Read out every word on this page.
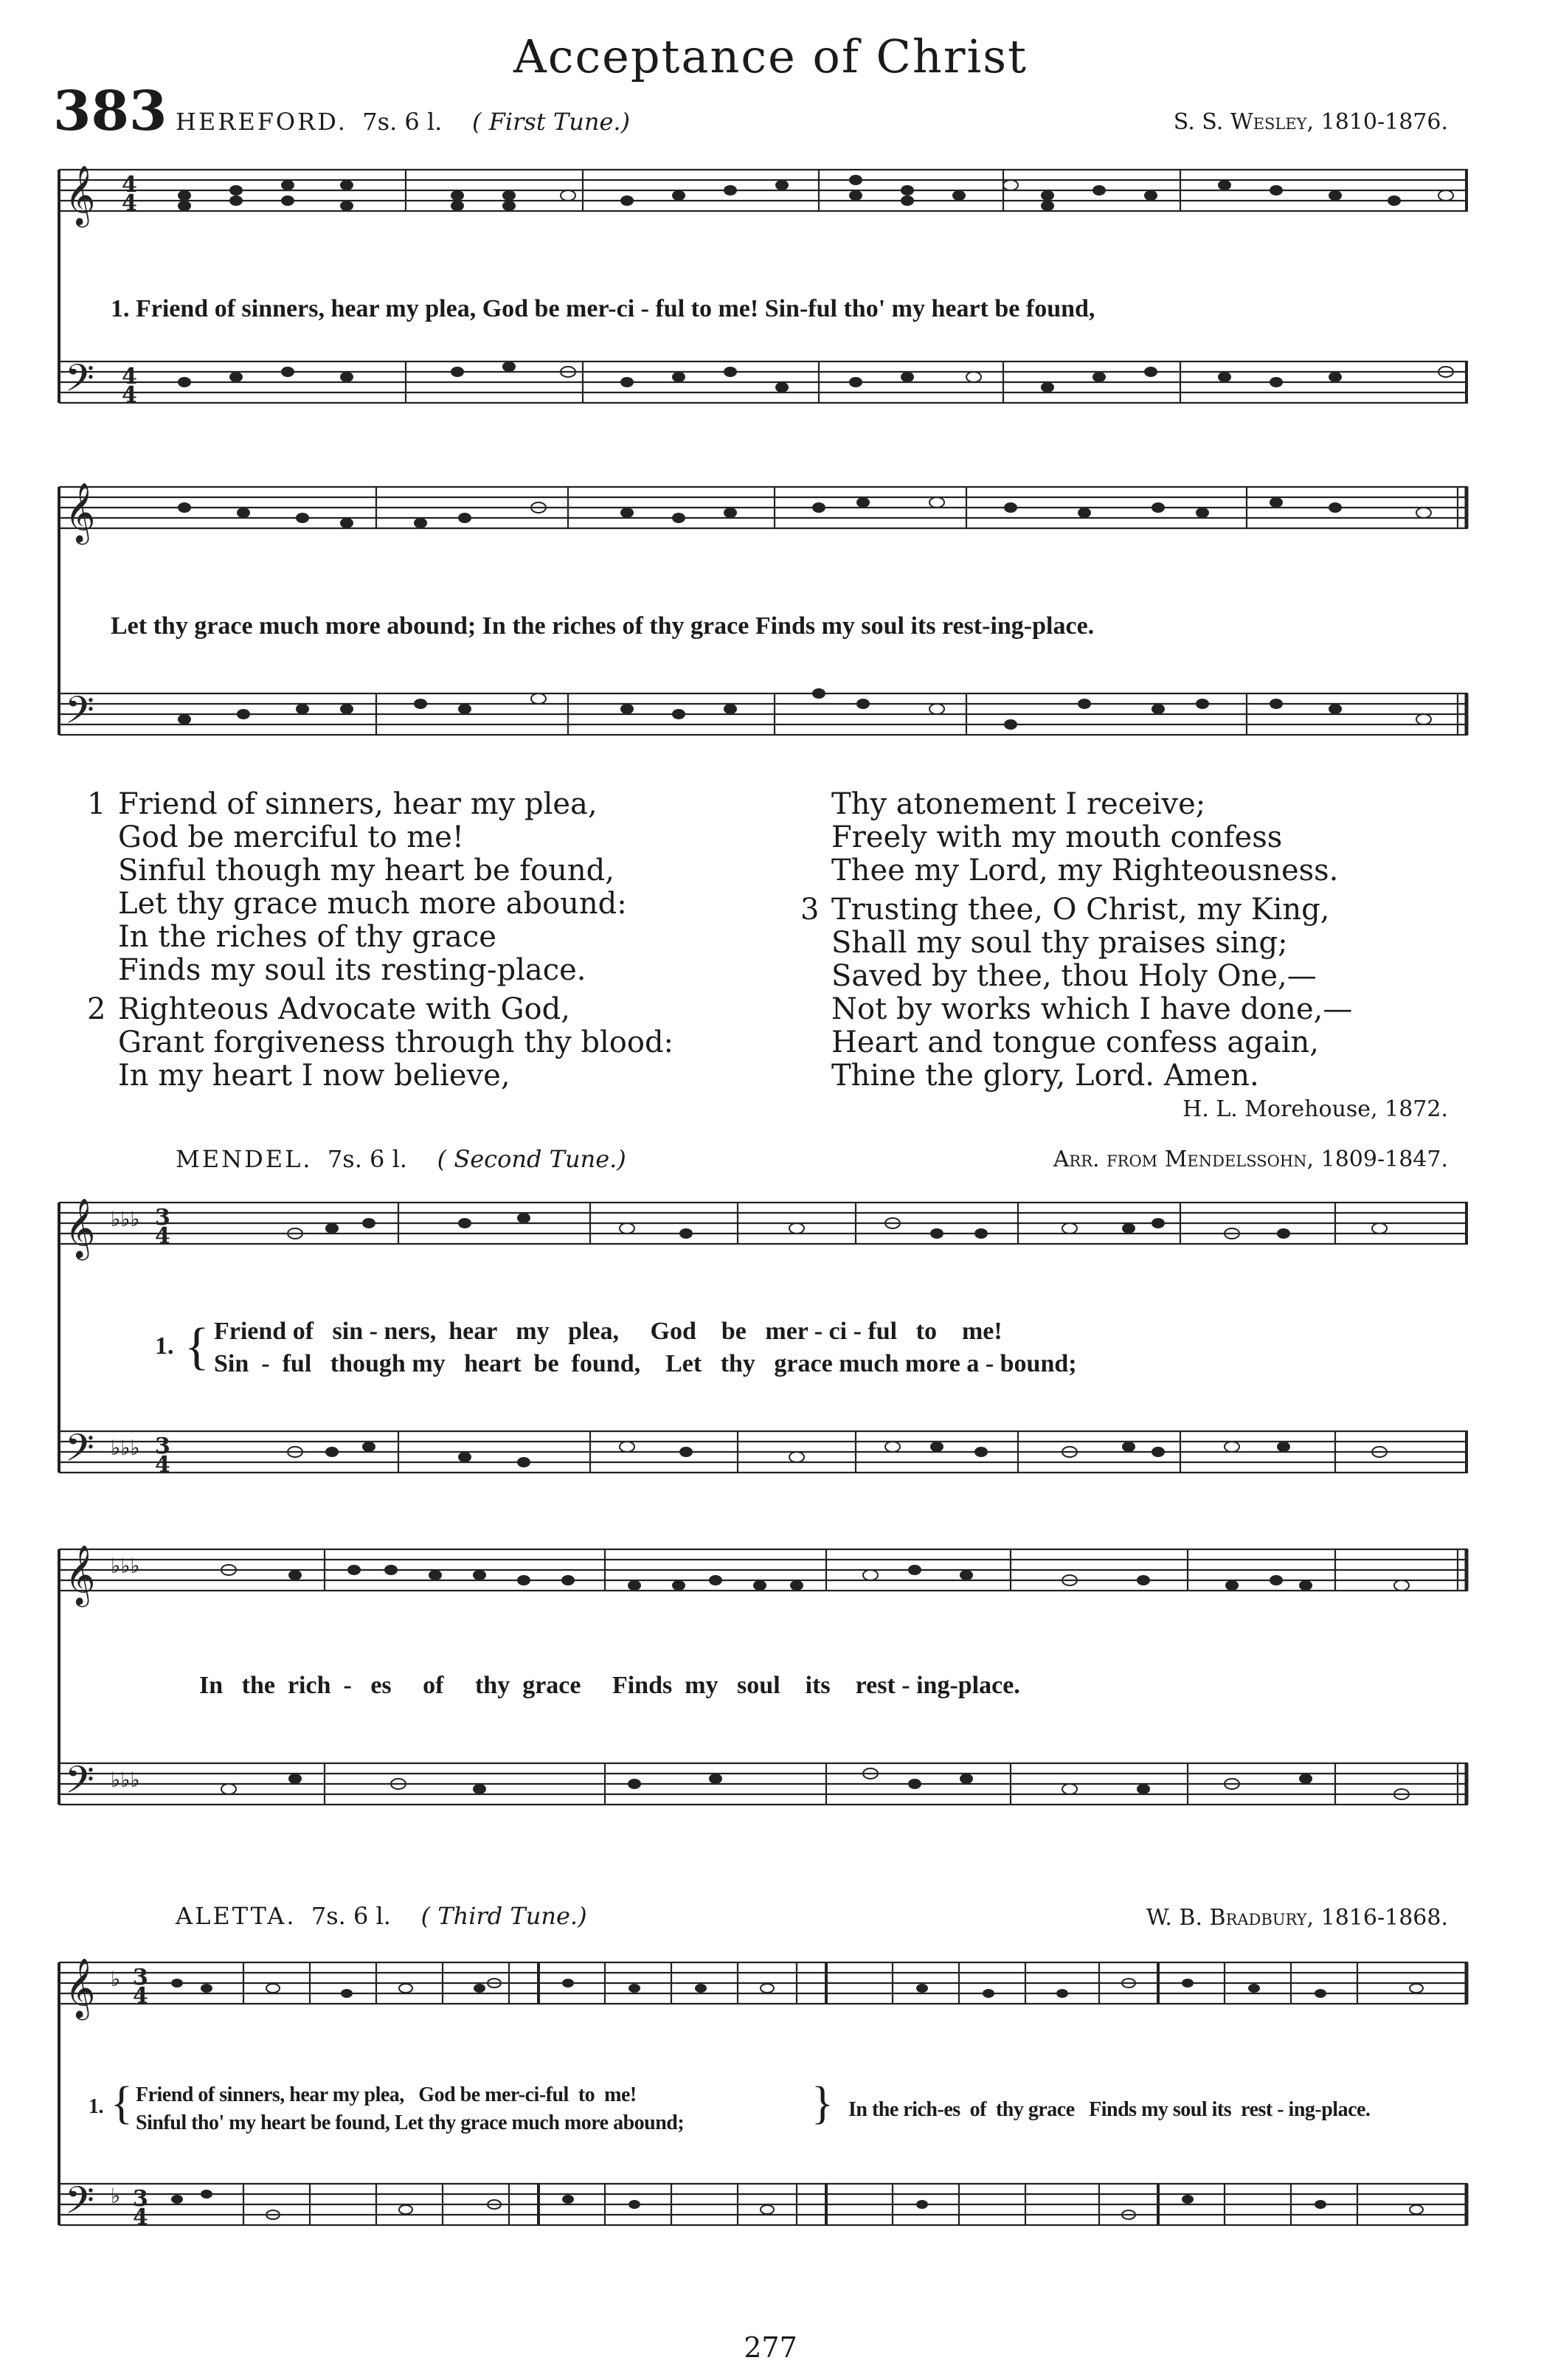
Acceptance of Christ
383 HEREFORD. 7s. 6 l. ( First Tune.)	S. S. Wesley, 1810-1876.
𝄞
𝄢
4
4
4
4
1. Friend of sinners, hear my plea, God be mer-ci - ful to me! Sin-ful tho' my heart be found,
𝄞
𝄢
Let thy grace much more abound; In the riches of thy grace Finds my soul its rest-ing-place.
1 Friend of sinners, hear my plea,
God be merciful to me!
Sinful though my heart be found,
Let thy grace much more abound:
In the riches of thy grace
Finds my soul its resting-place.
2 Righteous Advocate with God,
Grant forgiveness through thy blood:
In my heart I now believe,
Thy atonement I receive;
Freely with my mouth confess
Thee my Lord, my Righteousness.
3 Trusting thee, O Christ, my King,
Shall my soul thy praises sing;
Saved by thee, thou Holy One,—
Not by works which I have done,—
Heart and tongue confess again,
Thine the glory, Lord. Amen.
H. L. Morehouse, 1872.
MENDEL. 7s. 6 l. ( Second Tune.)	Arr. from Mendelssohn, 1809-1847.
𝄞
𝄢
♭♭♭
♭♭♭
3
4
3
4
1. { Friend of   sin - ners,  hear   my   plea,     God    be   mer - ci - ful   to    me!
Sin  -  ful   though my   heart  be  found,    Let   thy   grace much more a - bound;
𝄞
𝄢
♭♭♭
♭♭♭
In   the  rich  -   es     of     thy  grace     Finds  my   soul    its    rest - ing-place.
ALETTA. 7s. 6 l. ( Third Tune.)	W. B. Bradbury, 1816-1868.
𝄞
𝄢
♭
♭
3
4
3
4
1. { Friend of sinners, hear my plea,   God be mer-ci-ful  to  me!
Sinful tho' my heart be found, Let thy grace much more abound;	} In the rich-es  of  thy grace   Finds my soul its  rest - ing-place.
277
